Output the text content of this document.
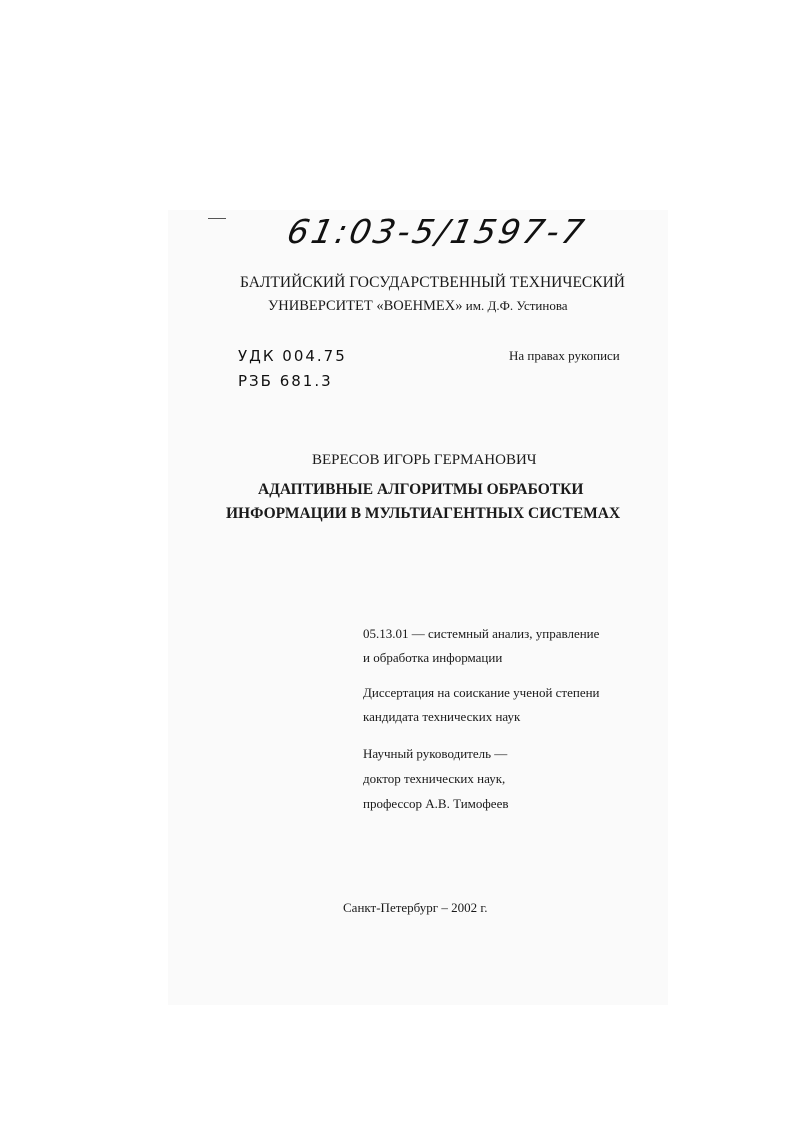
61:03-5/1597-7
УДК 004.75
РЗБ 681.3
БАЛТИЙСКИЙ ГОСУДАРСТВЕННЫЙ ТЕХНИЧЕСКИЙ
УНИВЕРСИТЕТ «ВОЕНМЕХ» им. Д.Ф. Устинова
На правах рукописи
ВЕРЕСОВ ИГОРЬ ГЕРМАНОВИЧ
АДАПТИВНЫЕ АЛГОРИТМЫ ОБРАБОТКИ
ИНФОРМАЦИИ В МУЛЬТИАГЕНТНЫХ СИСТЕМАХ
05.13.01 — системный анализ, управление
и обработка информации
Диссертация на соискание ученой степени
кандидата технических наук
Научный руководитель —
доктор технических наук,
профессор А.В. Тимофеев
Санкт-Петербург – 2002 г.
